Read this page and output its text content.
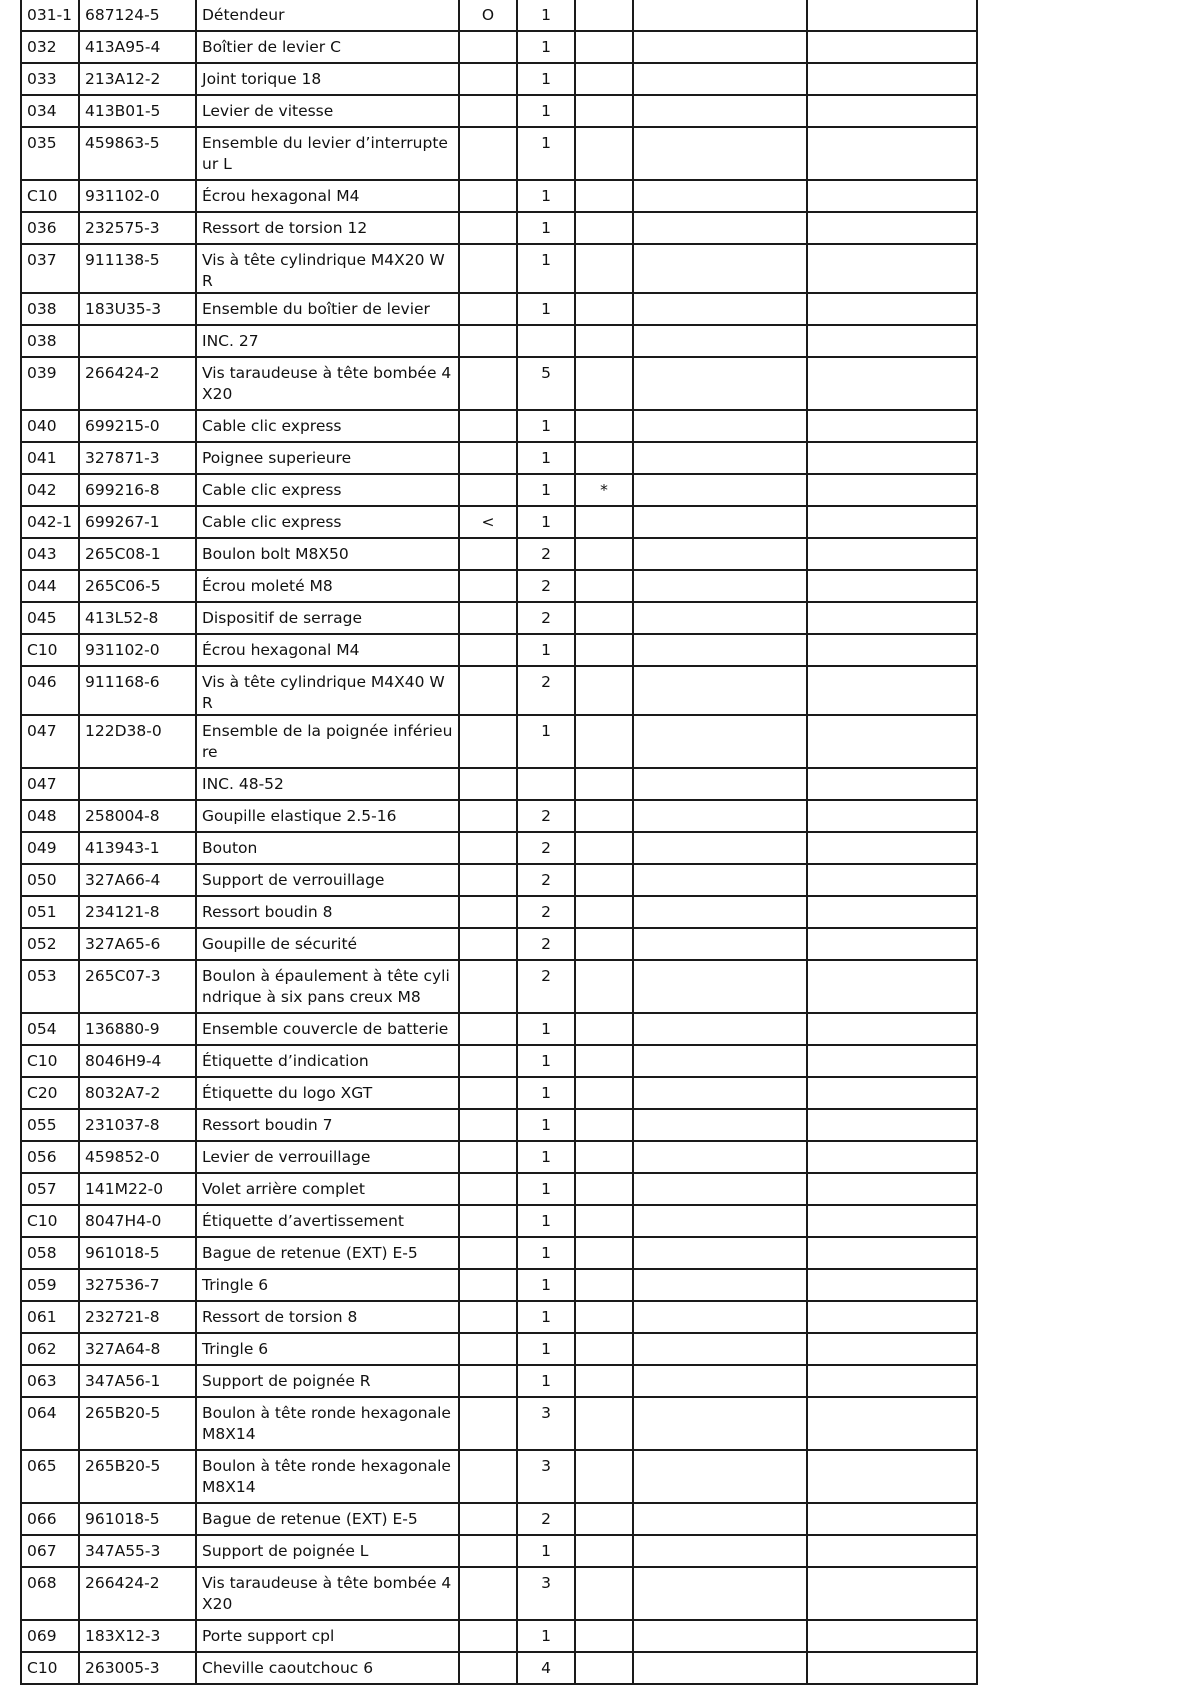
031-1	687124-5	Détendeur	O	1			
032	413A95-4	Boîtier de levier C		1			
033	213A12-2	Joint torique 18		1			
034	413B01-5	Levier de vitesse		1			
035	459863-5	Ensemble du levier d’interrupteur L		1			
C10	931102-0	Écrou hexagonal M4		1			
036	232575-3	Ressort de torsion 12		1			
037	911138-5	Vis à tête cylindrique M4X20 WR		1			
038	183U35-3	Ensemble du boîtier de levier		1			
038		INC. 27					
039	266424-2	Vis taraudeuse à tête bombée 4X20		5			
040	699215-0	Cable clic express		1			
041	327871-3	Poignee superieure		1			
042	699216-8	Cable clic express		1	*		
042-1	699267-1	Cable clic express	<	1			
043	265C08-1	Boulon bolt M8X50		2			
044	265C06-5	Écrou moleté M8		2			
045	413L52-8	Dispositif de serrage		2			
C10	931102-0	Écrou hexagonal M4		1			
046	911168-6	Vis à tête cylindrique M4X40 WR		2			
047	122D38-0	Ensemble de la poignée inférieure		1			
047		INC. 48-52					
048	258004-8	Goupille elastique 2.5-16		2			
049	413943-1	Bouton		2			
050	327A66-4	Support de verrouillage		2			
051	234121-8	Ressort boudin 8		2			
052	327A65-6	Goupille de sécurité		2			
053	265C07-3	Boulon à épaulement à tête cylindrique à six pans creux M8		2			
054	136880-9	Ensemble couvercle de batterie		1			
C10	8046H9-4	Étiquette d’indication		1			
C20	8032A7-2	Étiquette du logo XGT		1			
055	231037-8	Ressort boudin 7		1			
056	459852-0	Levier de verrouillage		1			
057	141M22-0	Volet arrière complet		1			
C10	8047H4-0	Étiquette d’avertissement		1			
058	961018-5	Bague de retenue (EXT) E-5		1			
059	327536-7	Tringle 6		1			
061	232721-8	Ressort de torsion 8		1			
062	327A64-8	Tringle 6		1			
063	347A56-1	Support de poignée R		1			
064	265B20-5	Boulon à tête ronde hexagonale M8X14		3			
065	265B20-5	Boulon à tête ronde hexagonale M8X14		3			
066	961018-5	Bague de retenue (EXT) E-5		2			
067	347A55-3	Support de poignée L		1			
068	266424-2	Vis taraudeuse à tête bombée 4X20		3			
069	183X12-3	Porte support cpl		1			
C10	263005-3	Cheville caoutchouc 6		4			
